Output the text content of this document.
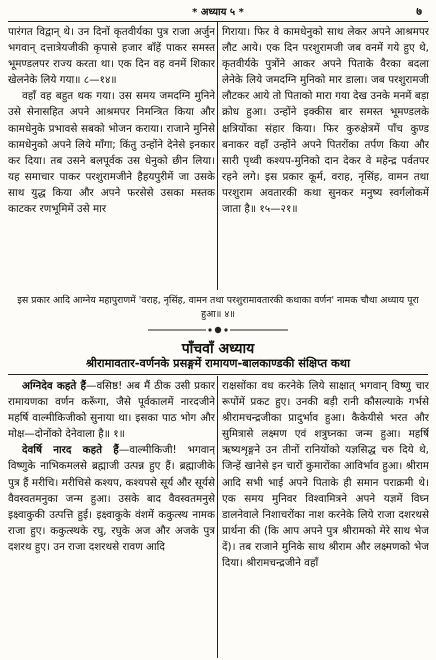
* अध्याय ५ *	७

पारंगत विद्वान् थे। उन दिनों कृतवीर्यका पुत्र राजा अर्जुन भगवान् दत्तात्रेयजीकी कृपासे हजार बाँहें पाकर समस्त भूमण्डलपर राज्य करता था। एक दिन वह वनमें शिकार खेलनेके लिये गया॥ ८—१४॥

वहाँ वह बहुत थक गया। उस समय जमदग्नि मुनिने उसे सेनासहित अपने आश्रमपर निमन्त्रित किया और कामधेनुके प्रभावसे सबको भोजन कराया। राजाने मुनिसे कामधेनुको अपने लिये माँगा; किंतु उन्होंने देनेसे इनकार कर दिया। तब उसने बलपूर्वक उस धेनुको छीन लिया। यह समाचार पाकर परशुरामजीने हैहयपुरीमें जा उसके साथ युद्ध किया और अपने फरसेसे उसका मस्तक काटकर रणभूमिमें उसे मार

गिराया। फिर वे कामधेनुको साथ लेकर अपने आश्रमपर लौट आये। एक दिन परशुरामजी जब वनमें गये हुए थे, कृतवीर्यके पुत्रोंने आकर अपने पिताके वैरका बदला लेनेके लिये जमदग्नि मुनिको मार डाला। जब परशुरामजी लौटकर आये तो पिताको मारा गया देख उनके मनमें बड़ा क्रोध हुआ। उन्होंने इक्कीस बार समस्त भूमण्डलके क्षत्रियोंका संहार किया। फिर कुरुक्षेत्रमें पाँच कुण्ड बनाकर वहाँ उन्होंने अपने पितरोंका तर्पण किया और सारी पृथ्वी कश्यप-मुनिको दान देकर वे महेन्द्र पर्वतपर रहने लगे। इस प्रकार कूर्म, वराह, नृसिंह, वामन तथा परशुराम अवतारकी कथा सुनकर मनुष्य स्वर्गलोकमें जाता है॥ १५—२१॥

इस प्रकार आदि आग्नेय महापुराणमें 'वराह, नृसिंह, वामन तथा परशुरामावतारकी कथाका वर्णन' नामक चौथा अध्याय पूरा हुआ॥ ४॥
पाँचवाँ अध्याय
श्रीरामावतार-वर्णनके प्रसङ्गमें रामायण-बालकाण्डकी संक्षिप्त कथा

अग्निदेव कहते हैं—वसिष्ठ! अब मैं ठीक उसी प्रकार रामायणका वर्णन करूँगा, जैसे पूर्वकालमें नारदजीने महर्षि वाल्मीकिजीको सुनाया था। इसका पाठ भोग और मोक्ष—दोनोंको देनेवाला है॥ १॥

देवर्षि नारद कहते हैं—वाल्मीकिजी! भगवान् विष्णुके नाभिकमलसे ब्रह्माजी उत्पन्न हुए हैं। ब्रह्माजीके पुत्र हैं मरीचि। मरीचिसे कश्यप, कश्यपसे सूर्य और सूर्यसे वैवस्वतमनुका जन्म हुआ। उसके बाद वैवस्वतमनुसे इक्ष्वाकुकी उत्पत्ति हुई। इक्ष्वाकुके वंशमें ककुत्स्थ नामक राजा हुए। ककुत्स्थके रघु, रघुके अज और अजके पुत्र दशरथ हुए। उन राजा दशरथसे रावण आदि

राक्षसोंका वध करनेके लिये साक्षात् भगवान् विष्णु चार रूपोंमें प्रकट हुए। उनकी बड़ी रानी कौसल्याके गर्भसे श्रीरामचन्द्रजीका प्रादुर्भाव हुआ। कैकेयीसे भरत और सुमित्रासे लक्ष्मण एवं शत्रुघ्नका जन्म हुआ। महर्षि ऋष्यशृङ्गने उन तीनों रानियोंको यज्ञसिद्ध चरु दिये थे, जिन्हें खानेसे इन चारों कुमारोंका आविर्भाव हुआ। श्रीराम आदि सभी भाई अपने पिताके ही समान पराक्रमी थे। एक समय मुनिवर विश्वामित्रने अपने यज्ञमें विघ्न डालनेवाले निशाचरोंका नाश करनेके लिये राजा दशरथसे प्रार्थना की (कि आप अपने पुत्र श्रीरामको मेरे साथ भेज दें)। तब राजाने मुनिके साथ श्रीराम और लक्ष्मणको भेज दिया। श्रीरामचन्द्रजीने वहाँ
